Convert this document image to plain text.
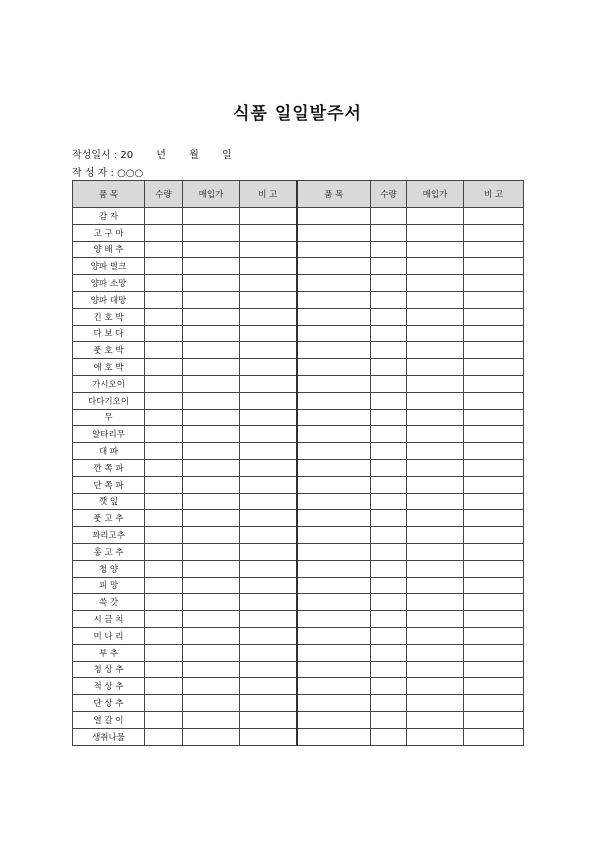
식품 일일발주서
작성일시 : 20 년 월 일
작 성 자 : ○○○
품 목	수량	매입가	비 고	품 목	수량	매입가	비 고
감 자							
고 구 마							
양 배 추							
양파 벌크							
양파 소망							
양파 대망							
긴 호 박							
다 보 다							
풋 호 박							
애 호 박							
가시오이							
다다기오이							
무							
알타리무							
대 파							
깐 쪽 파							
단 쪽 파							
깻 잎							
풋 고 추							
꽈리고추							
홍 고 추							
청 양							
피 망							
쓱 갓							
시 금 치							
미 나 리							
부 추							
청 상 추							
적 상 추							
단 상 추							
열 갈 이							
생취나물							
